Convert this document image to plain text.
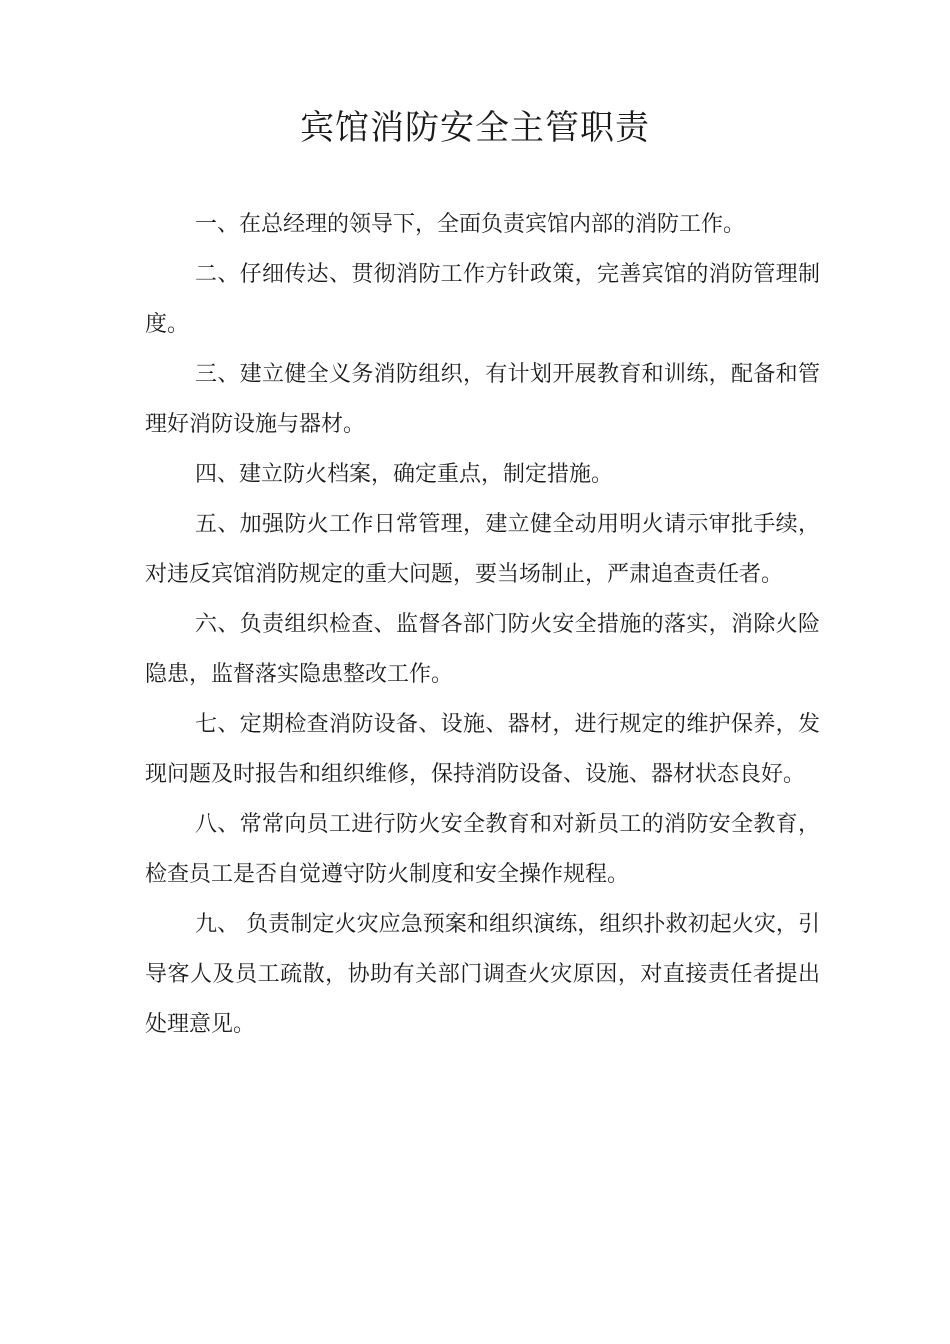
宾馆消防安全主管职责

一、在总经理的领导下，全面负责宾馆内部的消防工作。

二、仔细传达、贯彻消防工作方针政策，完善宾馆的消防管理制度。

三、建立健全义务消防组织，有计划开展教育和训练，配备和管理好消防设施与器材。

四、建立防火档案，确定重点，制定措施。

五、加强防火工作日常管理，建立健全动用明火请示审批手续，对违反宾馆消防规定的重大问题，要当场制止，严肃追查责任者。

六、负责组织检查、监督各部门防火安全措施的落实，消除火险隐患，监督落实隐患整改工作。

七、定期检查消防设备、设施、器材，进行规定的维护保养，发现问题及时报告和组织维修，保持消防设备、设施、器材状态良好。

八、常常向员工进行防火安全教育和对新员工的消防安全教育，检查员工是否自觉遵守防火制度和安全操作规程。

九、 负责制定火灾应急预案和组织演练，组织扑救初起火灾，引导客人及员工疏散，协助有关部门调查火灾原因，对直接责任者提出处理意见。
